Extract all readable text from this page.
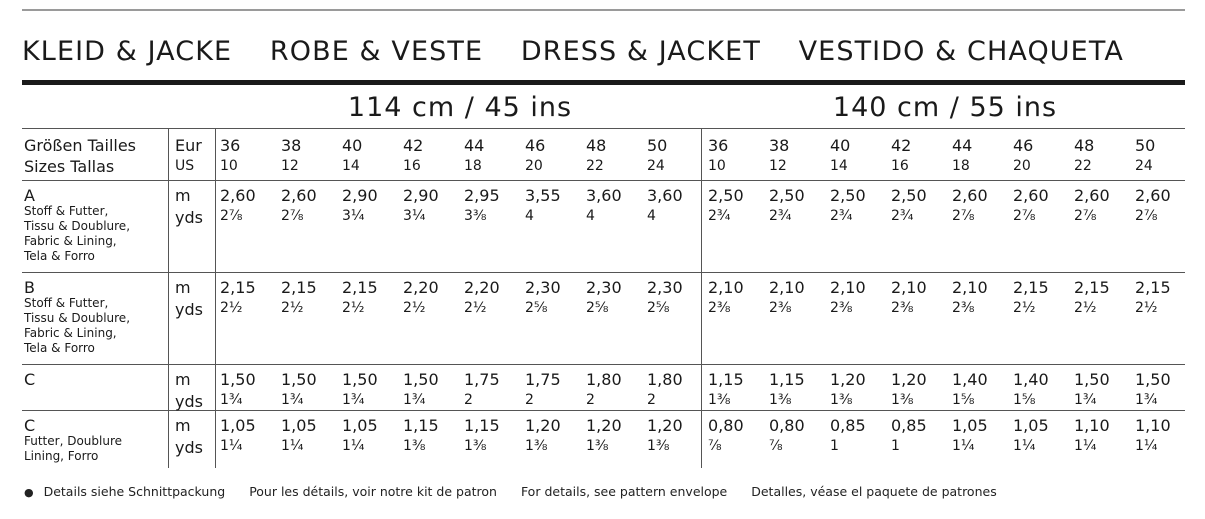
KLEID & JACKE ROBE & VESTE DRESS & JACKET VESTIDO & CHAQUETA
114 cm / 45 ins	140 cm / 55 ins
Größen Tailles
Sizes Tallas
Eur
US
36
10
38
12
40
14
42
16
44
18
46
20
48
22
50
24
36
10
38
12
40
14
42
16
44
18
46
20
48
22
50
24
A
Stoff & Futter,
Tissu & Doublure,
Fabric & Lining,
Tela & Forro
m
yds
2,60
2⅞
2,60
2⅞
2,90
3¼
2,90
3¼
2,95
3⅜
3,55
4
3,60
4
3,60
4
2,50
2¾
2,50
2¾
2,50
2¾
2,50
2¾
2,60
2⅞
2,60
2⅞
2,60
2⅞
2,60
2⅞
B
Stoff & Futter,
Tissu & Doublure,
Fabric & Lining,
Tela & Forro
m
yds
2,15
2½
2,15
2½
2,15
2½
2,20
2½
2,20
2½
2,30
2⅝
2,30
2⅝
2,30
2⅝
2,10
2⅜
2,10
2⅜
2,10
2⅜
2,10
2⅜
2,10
2⅜
2,15
2½
2,15
2½
2,15
2½
C	m
yds
1,50
1¾
1,50
1¾
1,50
1¾
1,50
1¾
1,75
2
1,75
2
1,80
2
1,80
2
1,15
1⅜
1,15
1⅜
1,20
1⅜
1,20
1⅜
1,40
1⅝
1,40
1⅝
1,50
1¾
1,50
1¾
C
Futter, Doublure
Lining, Forro
m
yds
1,05
1¼
1,05
1¼
1,05
1¼
1,15
1⅜
1,15
1⅜
1,20
1⅜
1,20
1⅜
1,20
1⅜
0,80
⅞
0,80
⅞
0,85
1
0,85
1
1,05
1¼
1,05
1¼
1,10
1¼
1,10
1¼
● Details siehe Schnittpackung Pour les détails, voir notre kit de patron For details, see pattern envelope Detalles, véase el paquete de patrones
